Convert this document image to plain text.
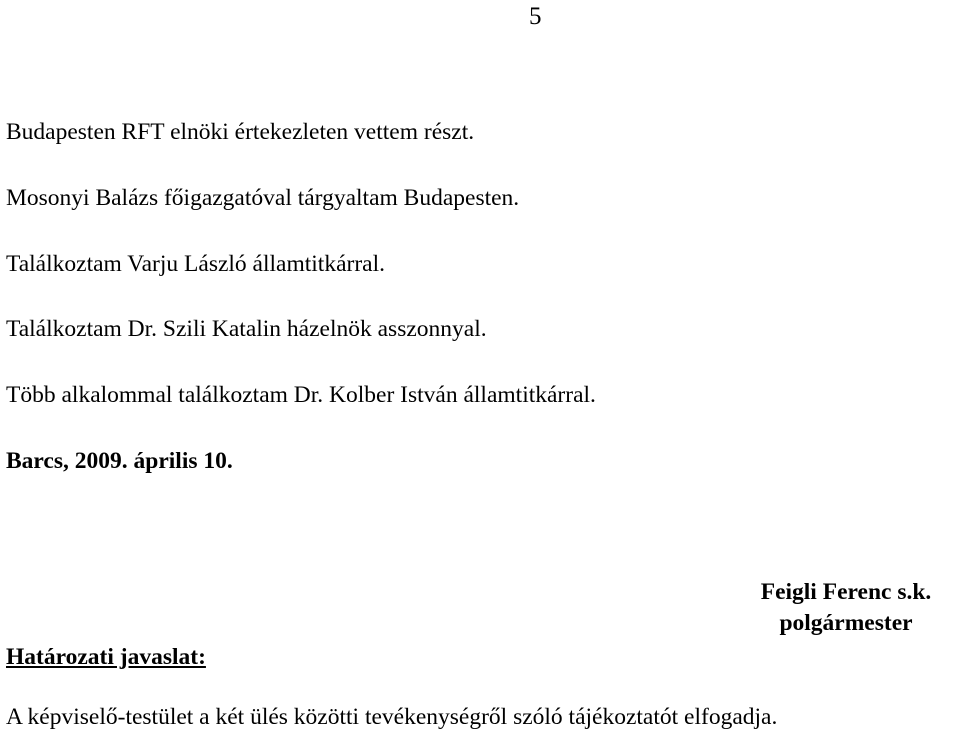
5
Budapesten RFT elnöki értekezleten vettem részt.
Mosonyi Balázs főigazgatóval tárgyaltam Budapesten.
Találkoztam Varju László államtitkárral.
Találkoztam Dr. Szili Katalin házelnök asszonnyal.
Több alkalommal találkoztam Dr. Kolber István államtitkárral.
Barcs, 2009. április 10.
Feigli Ferenc s.k.
polgármester
Határozati javaslat:
A képviselő-testület a két ülés közötti tevékenységről szóló tájékoztatót elfogadja.
